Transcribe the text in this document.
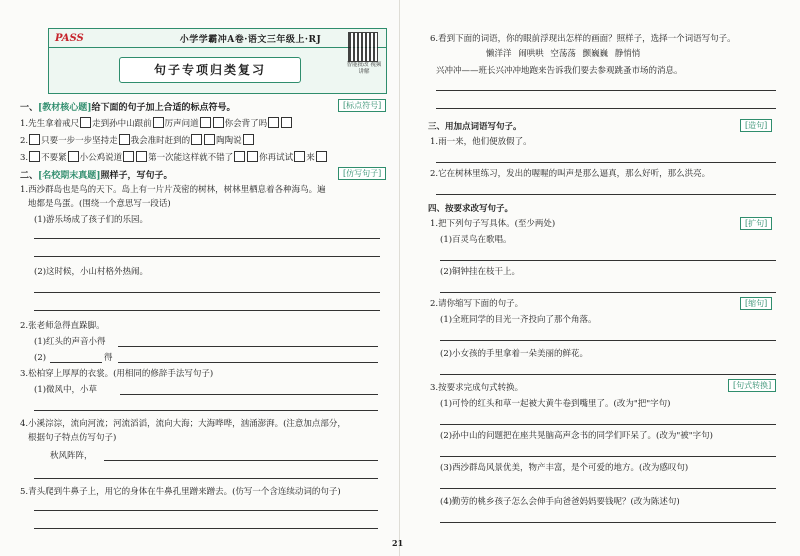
PASS	小学学霸冲A卷·语文三年级上·RJ
句子专项归类复习	智能批改 视频讲解
一、[教材核心题]给下面的句子加上合适的标点符号。	[标点符号]
1.先生拿着戒尺 走到孙中山跟前 厉声问道	你会背了吗
2. 只要一步一步坚持走 我会准时赶到的	陶陶说
3. 不要紧 小公鸡说道	第一次能这样就不错了	你再试试 来
二、[名校期末真题]照样子，写句子。	[仿写句子]
1.西沙群岛也是鸟的天下。岛上有一片片茂密的树林，树林里栖息着各种海鸟。遍
地都是鸟蛋。(围绕一个意思写一段话)
(1)游乐场成了孩子们的乐园。
(2)这时候，小山村格外热闹。
2.张老师急得直跺脚。
(1)红头的声音小得
(2)	得
3.松柏穿上厚厚的衣裳。(用相同的修辞手法写句子)
(1)微风中，小草
4.小溪淙淙，流向河流；河流滔滔，流向大海；大海哗哗，汹涌澎湃。(注意加点部分，
根据句子特点仿写句子)
秋风阵阵，
5.青头爬到牛鼻子上，用它的身体在牛鼻孔里蹭来蹭去。(仿写一个含连续动词的句子)
6.看到下面的词语，你的眼前浮现出怎样的画面？照样子，选择一个词语写句子。
懒洋洋 闹哄哄 空荡荡 颤巍巍 静悄悄
兴冲冲——班长兴冲冲地跑来告诉我们要去参观跳蚤市场的消息。
三、用加点词语写句子。	[造句]
1.雨一来，他们便放假了。
2.它在树林里练习，发出的喔喔的叫声是那么逼真，那么好听，那么洪亮。
四、按要求改写句子。
1.把下列句子写具体。(至少两处)	[扩句]
(1)百灵鸟在歌唱。
(2)铜钟挂在枝干上。
2.请你缩写下面的句子。	[缩句]
(1)全班同学的目光一齐投向了那个角落。
(2)小女孩的手里拿着一朵美丽的鲜花。
3.按要求完成句式转换。	[句式转换]
(1)可怜的红头和草一起被大黄牛卷到嘴里了。(改为"把"字句)
(2)孙中山的问题把在座共晃脑高声念书的同学们吓呆了。(改为"被"字句)
(3)西沙群岛风景优美，物产丰富，是个可爱的地方。(改为感叹句)
(4)勤劳的桃乡孩子怎么会伸手向爸爸妈妈要钱呢？(改为陈述句)
21
